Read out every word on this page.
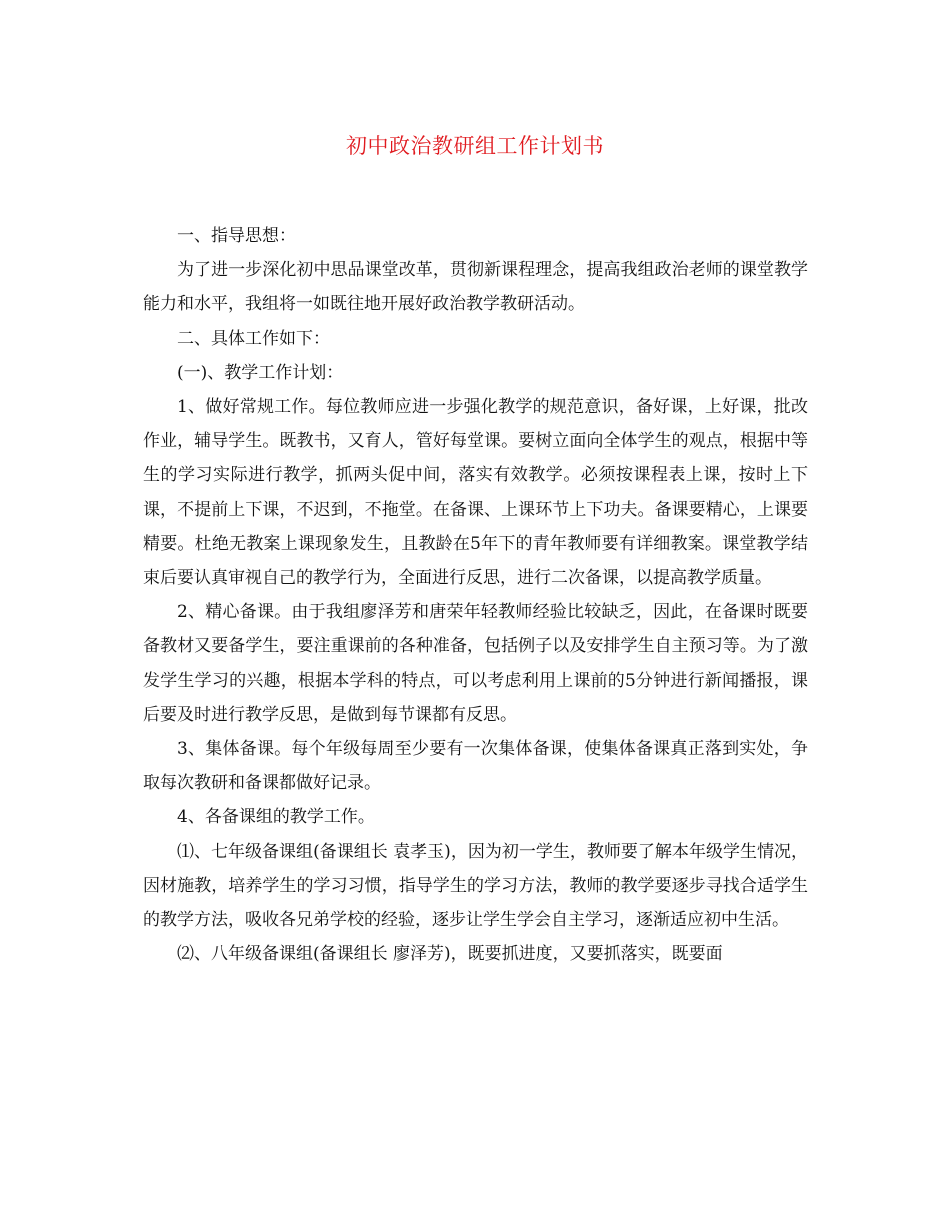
初中政治教研组工作计划书

一、指导思想：

为了进一步深化初中思品课堂改革，贯彻新课程理念，提高我组政治老师的课堂教学能力和水平，我组将一如既往地开展好政治教学教研活动。

二、具体工作如下：

(一)、教学工作计划：

1、做好常规工作。每位教师应进一步强化教学的规范意识，备好课，上好课，批改作业，辅导学生。既教书，又育人，管好每堂课。要树立面向全体学生的观点，根据中等生的学习实际进行教学，抓两头促中间，落实有效教学。必须按课程表上课，按时上下课，不提前上下课，不迟到，不拖堂。在备课、上课环节上下功夫。备课要精心，上课要精要。杜绝无教案上课现象发生，且教龄在5年下的青年教师要有详细教案。课堂教学结束后要认真审视自己的教学行为，全面进行反思，进行二次备课，以提高教学质量。

2、精心备课。由于我组廖泽芳和唐荣年轻教师经验比较缺乏，因此，在备课时既要备教材又要备学生，要注重课前的各种准备，包括例子以及安排学生自主预习等。为了激发学生学习的兴趣，根据本学科的特点，可以考虑利用上课前的5分钟进行新闻播报，课后要及时进行教学反思，是做到每节课都有反思。

3、集体备课。每个年级每周至少要有一次集体备课，使集体备课真正落到实处，争取每次教研和备课都做好记录。

4、各备课组的教学工作。

⑴、七年级备课组(备课组长 袁孝玉)，因为初一学生，教师要了解本年级学生情况，因材施教，培养学生的学习习惯，指导学生的学习方法，教师的教学要逐步寻找合适学生的教学方法，吸收各兄弟学校的经验，逐步让学生学会自主学习，逐渐适应初中生活。

⑵、八年级备课组(备课组长 廖泽芳)，既要抓进度，又要抓落实，既要面
